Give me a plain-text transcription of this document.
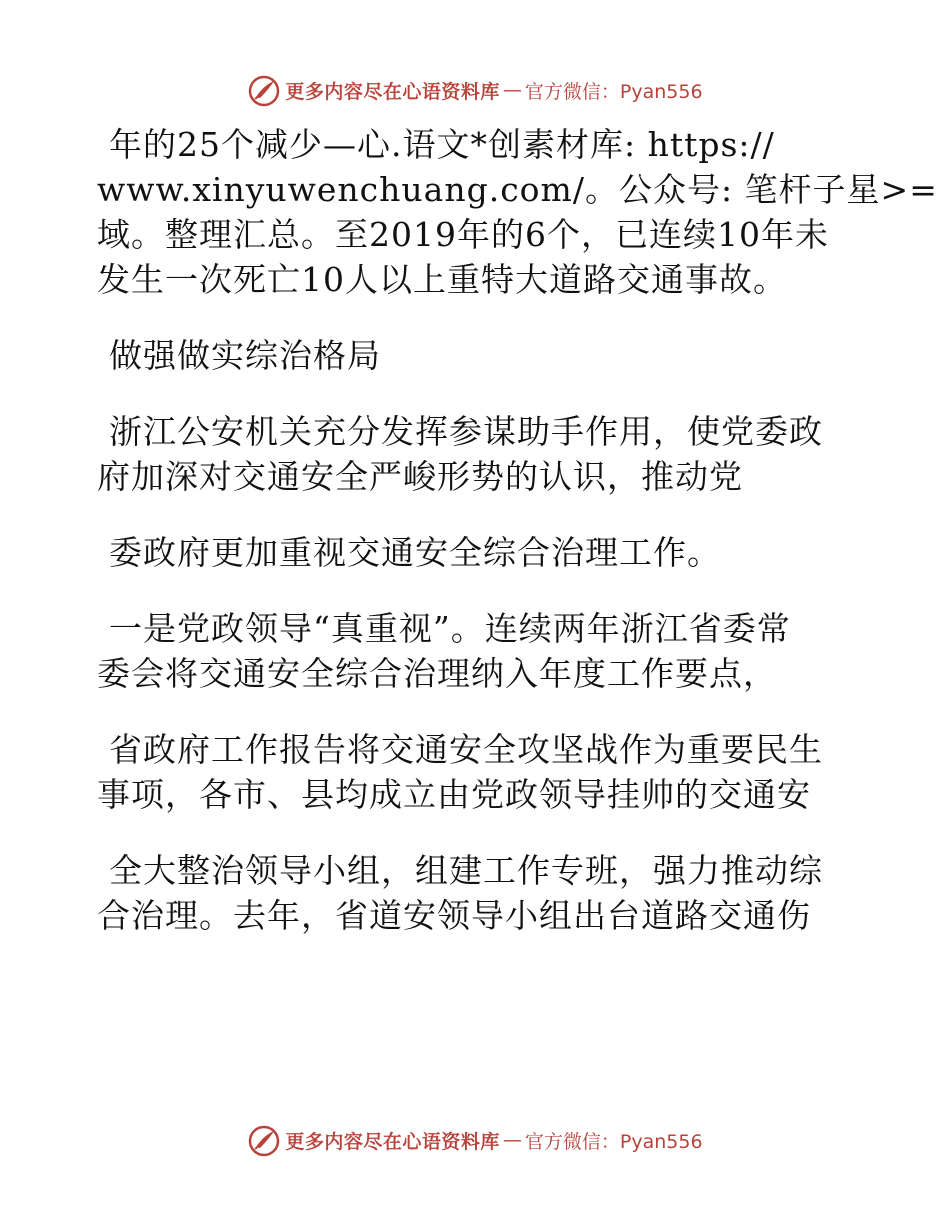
更多内容尽在心语资料库 — 官方微信：Pyan556
年的25个减少—心.语文*创素材库: https://
www.xinyuwenchuang.com/。公众号: 笔杆子星>=
域。整理汇总。至2019年的6个，已连续10年未
发生一次死亡10人以上重特大道路交通事故。
做强做实综治格局
浙江公安机关充分发挥参谋助手作用，使党委政
府加深对交通安全严峻形势的认识，推动党
委政府更加重视交通安全综合治理工作。
一是党政领导“真重视”。连续两年浙江省委常
委会将交通安全综合治理纳入年度工作要点，
省政府工作报告将交通安全攻坚战作为重要民生
事项，各市、县均成立由党政领导挂帅的交通安
全大整治领导小组，组建工作专班，强力推动综
合治理。去年，省道安领导小组出台道路交通伤
更多内容尽在心语资料库 — 官方微信：Pyan556
